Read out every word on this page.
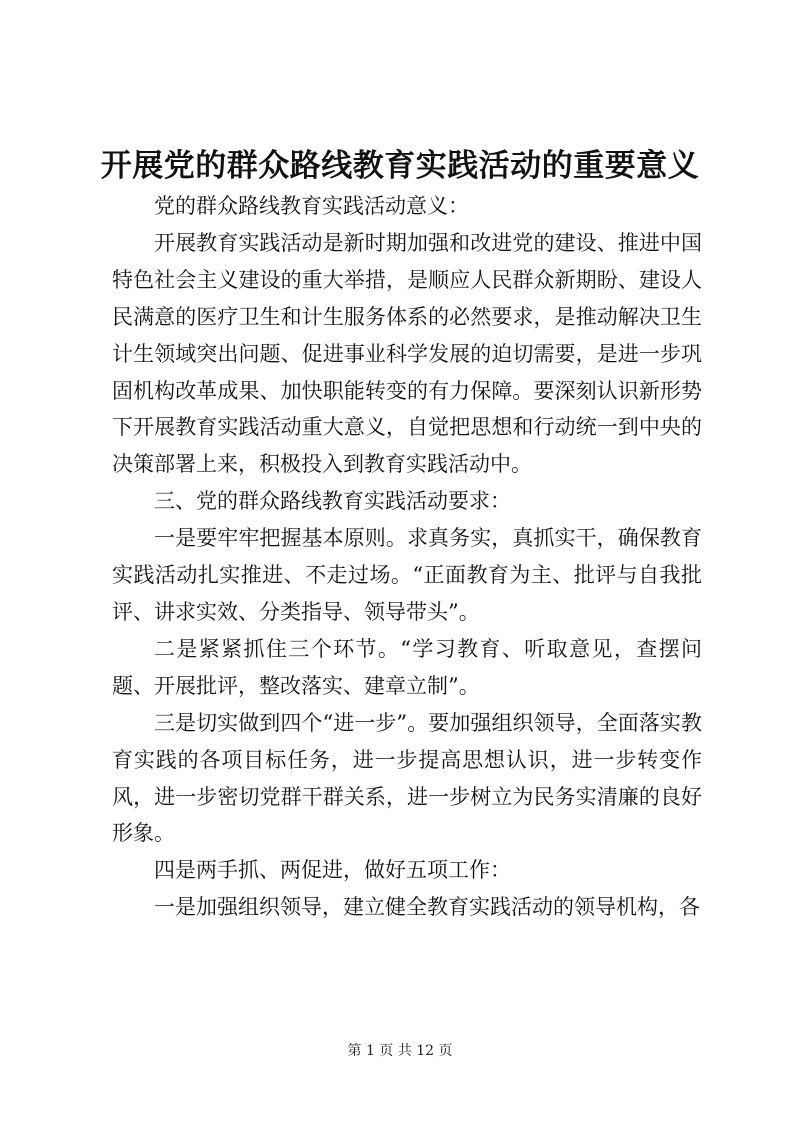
开展党的群众路线教育实践活动的重要意义

党的群众路线教育实践活动意义：

开展教育实践活动是新时期加强和改进党的建设、推进中国特色社会主义建设的重大举措，是顺应人民群众新期盼、建设人民满意的医疗卫生和计生服务体系的必然要求，是推动解决卫生计生领域突出问题、促进事业科学发展的迫切需要，是进一步巩固机构改革成果、加快职能转变的有力保障。要深刻认识新形势下开展教育实践活动重大意义，自觉把思想和行动统一到中央的决策部署上来，积极投入到教育实践活动中。

三、党的群众路线教育实践活动要求：

一是要牢牢把握基本原则。求真务实，真抓实干，确保教育实践活动扎实推进、不走过场。“正面教育为主、批评与自我批评、讲求实效、分类指导、领导带头”。

二是紧紧抓住三个环节。“学习教育、听取意见，查摆问题、开展批评，整改落实、建章立制”。

三是切实做到四个“进一步”。要加强组织领导，全面落实教育实践的各项目标任务，进一步提高思想认识，进一步转变作风，进一步密切党群干群关系，进一步树立为民务实清廉的良好形象。

四是两手抓、两促进，做好五项工作：

一是加强组织领导，建立健全教育实践活动的领导机构，各

第 1 页 共 12 页
